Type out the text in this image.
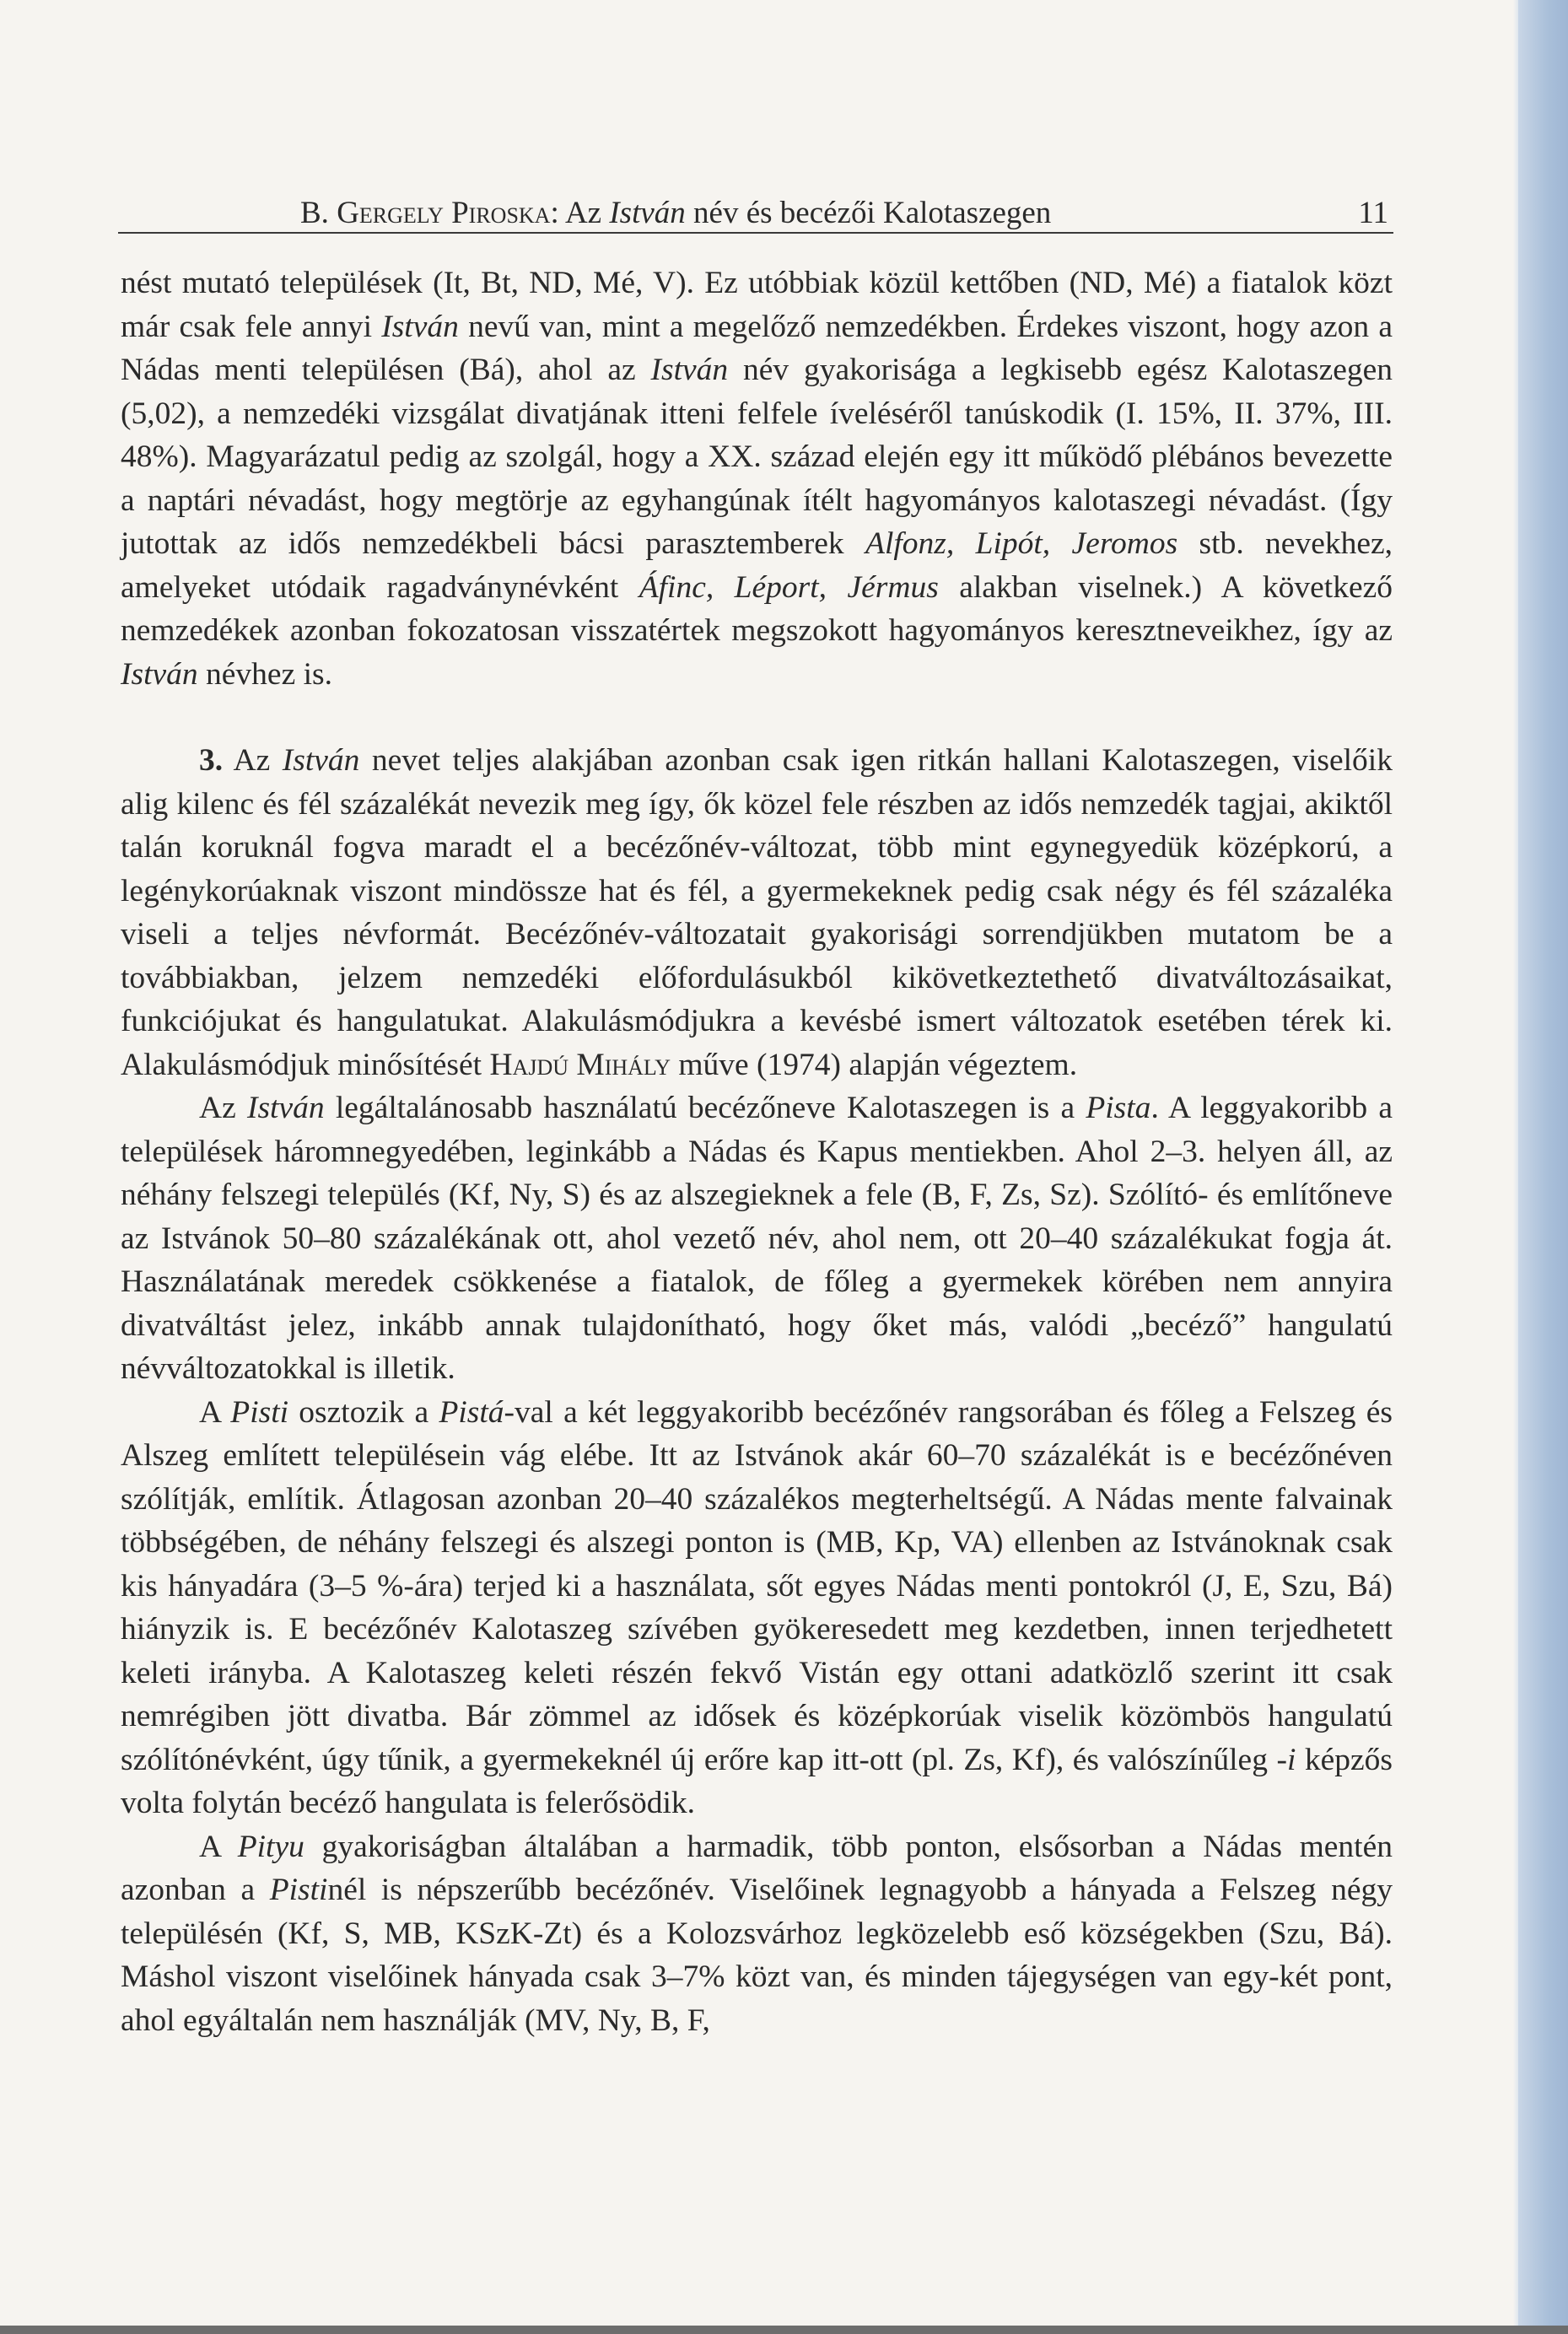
B. Gergely Piroska: Az István név és becézői Kalotaszegen	11

nést mutató települések (It, Bt, ND, Mé, V). Ez utóbbiak közül kettőben (ND, Mé) a fiatalok közt már csak fele annyi István nevű van, mint a megelőző nemzedékben. Érdekes viszont, hogy azon a Nádas menti településen (Bá), ahol az István név gyakorisága a legkisebb egész Kalotaszegen (5,02), a nemzedéki vizsgálat divatjának itteni felfele íveléséről tanúskodik (I. 15%, II. 37%, III. 48%). Magyarázatul pedig az szolgál, hogy a XX. század elején egy itt működő plébános bevezette a naptári névadást, hogy megtörje az egyhangúnak ítélt hagyományos kalotaszegi névadást. (Így jutottak az idős nemzedékbeli bácsi parasztemberek Alfonz, Lipót, Jeromos stb. nevekhez, amelyeket utódaik ragadványnévként Áfinc, Léport, Jérmus alakban viselnek.) A következő nemzedékek azonban fokozatosan visszatértek megszokott hagyományos keresztneveikhez, így az István névhez is.

3. Az István nevet teljes alakjában azonban csak igen ritkán hallani Kalotaszegen, viselőik alig kilenc és fél százalékát nevezik meg így, ők közel fele részben az idős nemzedék tagjai, akiktől talán koruknál fogva maradt el a becézőnév-változat, több mint egynegyedük középkorú, a legénykorúaknak viszont mindössze hat és fél, a gyermekeknek pedig csak négy és fél százaléka viseli a teljes névformát. Becézőnév-változatait gyakorisági sorrendjükben mutatom be a továbbiakban, jelzem nemzedéki előfordulásukból kikövetkeztethető divatváltozásaikat, funkciójukat és hangulatukat. Alakulásmódjukra a kevésbé ismert változatok esetében térek ki. Alakulásmódjuk minősítését Hajdú Mihály műve (1974) alapján végeztem.

Az István legáltalánosabb használatú becézőneve Kalotaszegen is a Pista. A leggyakoribb a települések háromnegyedében, leginkább a Nádas és Kapus mentiekben. Ahol 2–3. helyen áll, az néhány felszegi település (Kf, Ny, S) és az alszegieknek a fele (B, F, Zs, Sz). Szólító- és említőneve az Istvánok 50–80 százalékának ott, ahol vezető név, ahol nem, ott 20–40 százalékukat fogja át. Használatának meredek csökkenése a fiatalok, de főleg a gyermekek körében nem annyira divatváltást jelez, inkább annak tulajdonítható, hogy őket más, valódi „becéző” hangulatú névváltozatokkal is illetik.

A Pisti osztozik a Pistá-val a két leggyakoribb becézőnév rangsorában és főleg a Felszeg és Alszeg említett településein vág elébe. Itt az Istvánok akár 60–70 százalékát is e becézőnéven szólítják, említik. Átlagosan azonban 20–40 százalékos megterheltségű. A Nádas mente falvainak többségében, de néhány felszegi és alszegi ponton is (MB, Kp, VA) ellenben az Istvánoknak csak kis hányadára (3–5 %-ára) terjed ki a használata, sőt egyes Nádas menti pontokról (J, E, Szu, Bá) hiányzik is. E becézőnév Kalotaszeg szívében gyökeresedett meg kezdetben, innen terjedhetett keleti irányba. A Kalotaszeg keleti részén fekvő Vistán egy ottani adatközlő szerint itt csak nemrégiben jött divatba. Bár zömmel az idősek és középkorúak viselik közömbös hangulatú szólítónévként, úgy tűnik, a gyermekeknél új erőre kap itt-ott (pl. Zs, Kf), és valószínűleg -i képzős volta folytán becéző hangulata is felerősödik.

A Pityu gyakoriságban általában a harmadik, több ponton, elsősorban a Nádas mentén azonban a Pistinél is népszerűbb becézőnév. Viselőinek legnagyobb a hányada a Felszeg négy településén (Kf, S, MB, KSzK-Zt) és a Kolozsvárhoz legközelebb eső községekben (Szu, Bá). Máshol viszont viselőinek hányada csak 3–7% közt van, és minden tájegységen van egy-két pont, ahol egyáltalán nem használják (MV, Ny, B, F,
